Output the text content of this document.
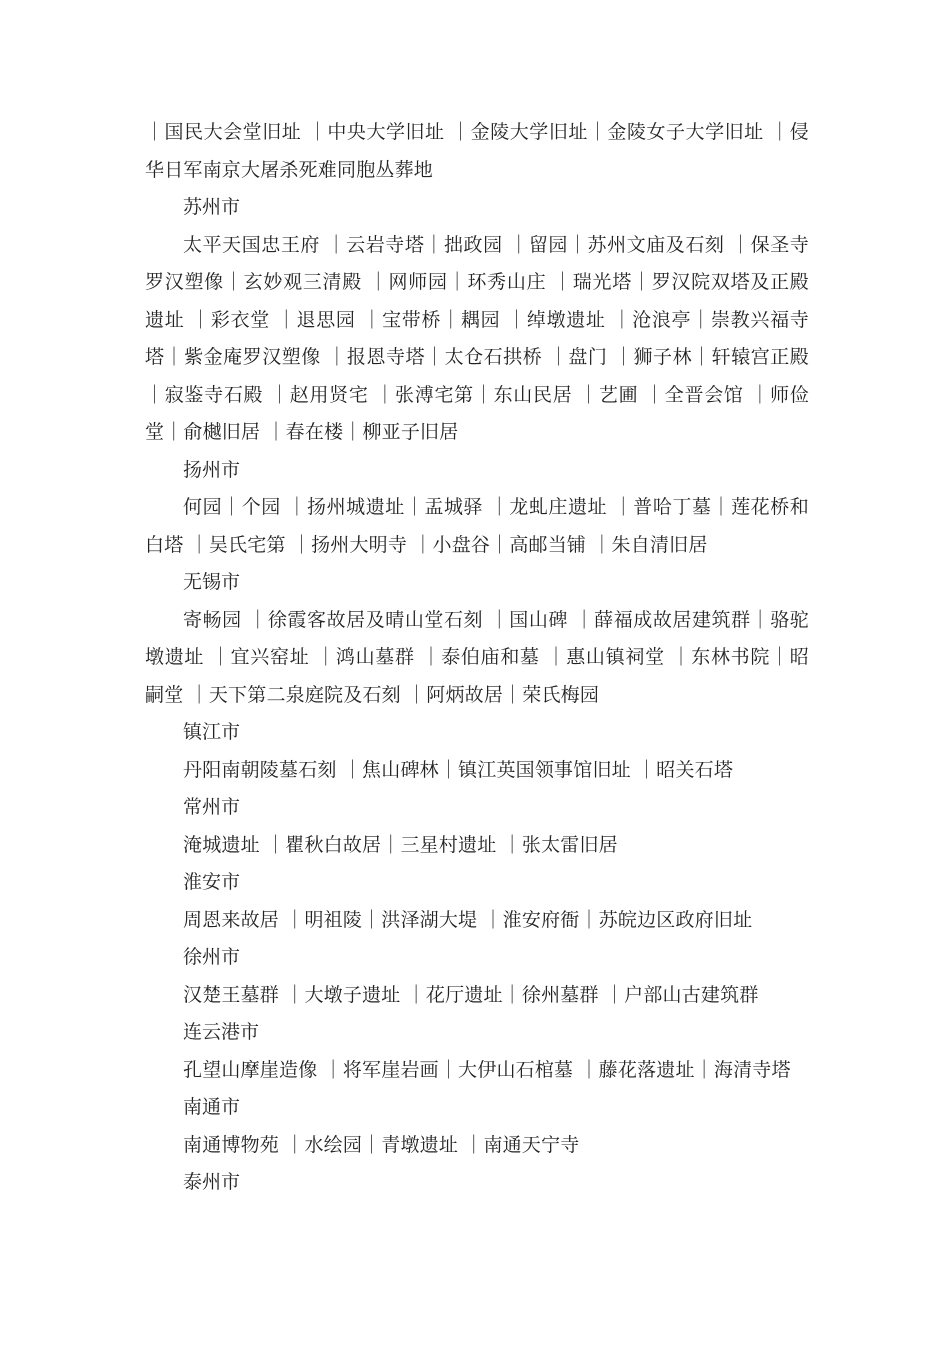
｜国民大会堂旧址 ｜中央大学旧址 ｜金陵大学旧址｜金陵女子大学旧址 ｜侵华日军南京大屠杀死难同胞丛葬地

苏州市

太平天国忠王府 ｜云岩寺塔｜拙政园 ｜留园｜苏州文庙及石刻 ｜保圣寺罗汉塑像｜玄妙观三清殿 ｜网师园｜环秀山庄 ｜瑞光塔｜罗汉院双塔及正殿遗址 ｜彩衣堂 ｜退思园 ｜宝带桥｜耦园 ｜绰墩遗址 ｜沧浪亭｜崇教兴福寺塔｜紫金庵罗汉塑像 ｜报恩寺塔｜太仓石拱桥 ｜盘门 ｜狮子林｜轩辕宫正殿 ｜寂鉴寺石殿 ｜赵用贤宅 ｜张溥宅第｜东山民居 ｜艺圃 ｜全晋会馆 ｜师俭堂｜俞樾旧居 ｜春在楼｜柳亚子旧居

扬州市

何园｜个园 ｜扬州城遗址｜盂城驿 ｜龙虬庄遗址 ｜普哈丁墓｜莲花桥和白塔 ｜吴氏宅第 ｜扬州大明寺 ｜小盘谷｜高邮当铺 ｜朱自清旧居

无锡市

寄畅园 ｜徐霞客故居及晴山堂石刻 ｜国山碑 ｜薛福成故居建筑群｜骆驼墩遗址 ｜宜兴窑址 ｜鸿山墓群 ｜泰伯庙和墓 ｜惠山镇祠堂 ｜东林书院｜昭嗣堂 ｜天下第二泉庭院及石刻 ｜阿炳故居｜荣氏梅园

镇江市

丹阳南朝陵墓石刻 ｜焦山碑林｜镇江英国领事馆旧址 ｜昭关石塔

常州市

淹城遗址 ｜瞿秋白故居｜三星村遗址 ｜张太雷旧居

淮安市

周恩来故居 ｜明祖陵｜洪泽湖大堤 ｜淮安府衙｜苏皖边区政府旧址

徐州市

汉楚王墓群 ｜大墩子遗址 ｜花厅遗址｜徐州墓群 ｜户部山古建筑群

连云港市

孔望山摩崖造像 ｜将军崖岩画｜大伊山石棺墓 ｜藤花落遗址｜海清寺塔

南通市

南通博物苑 ｜水绘园｜青墩遗址 ｜南通天宁寺

泰州市
